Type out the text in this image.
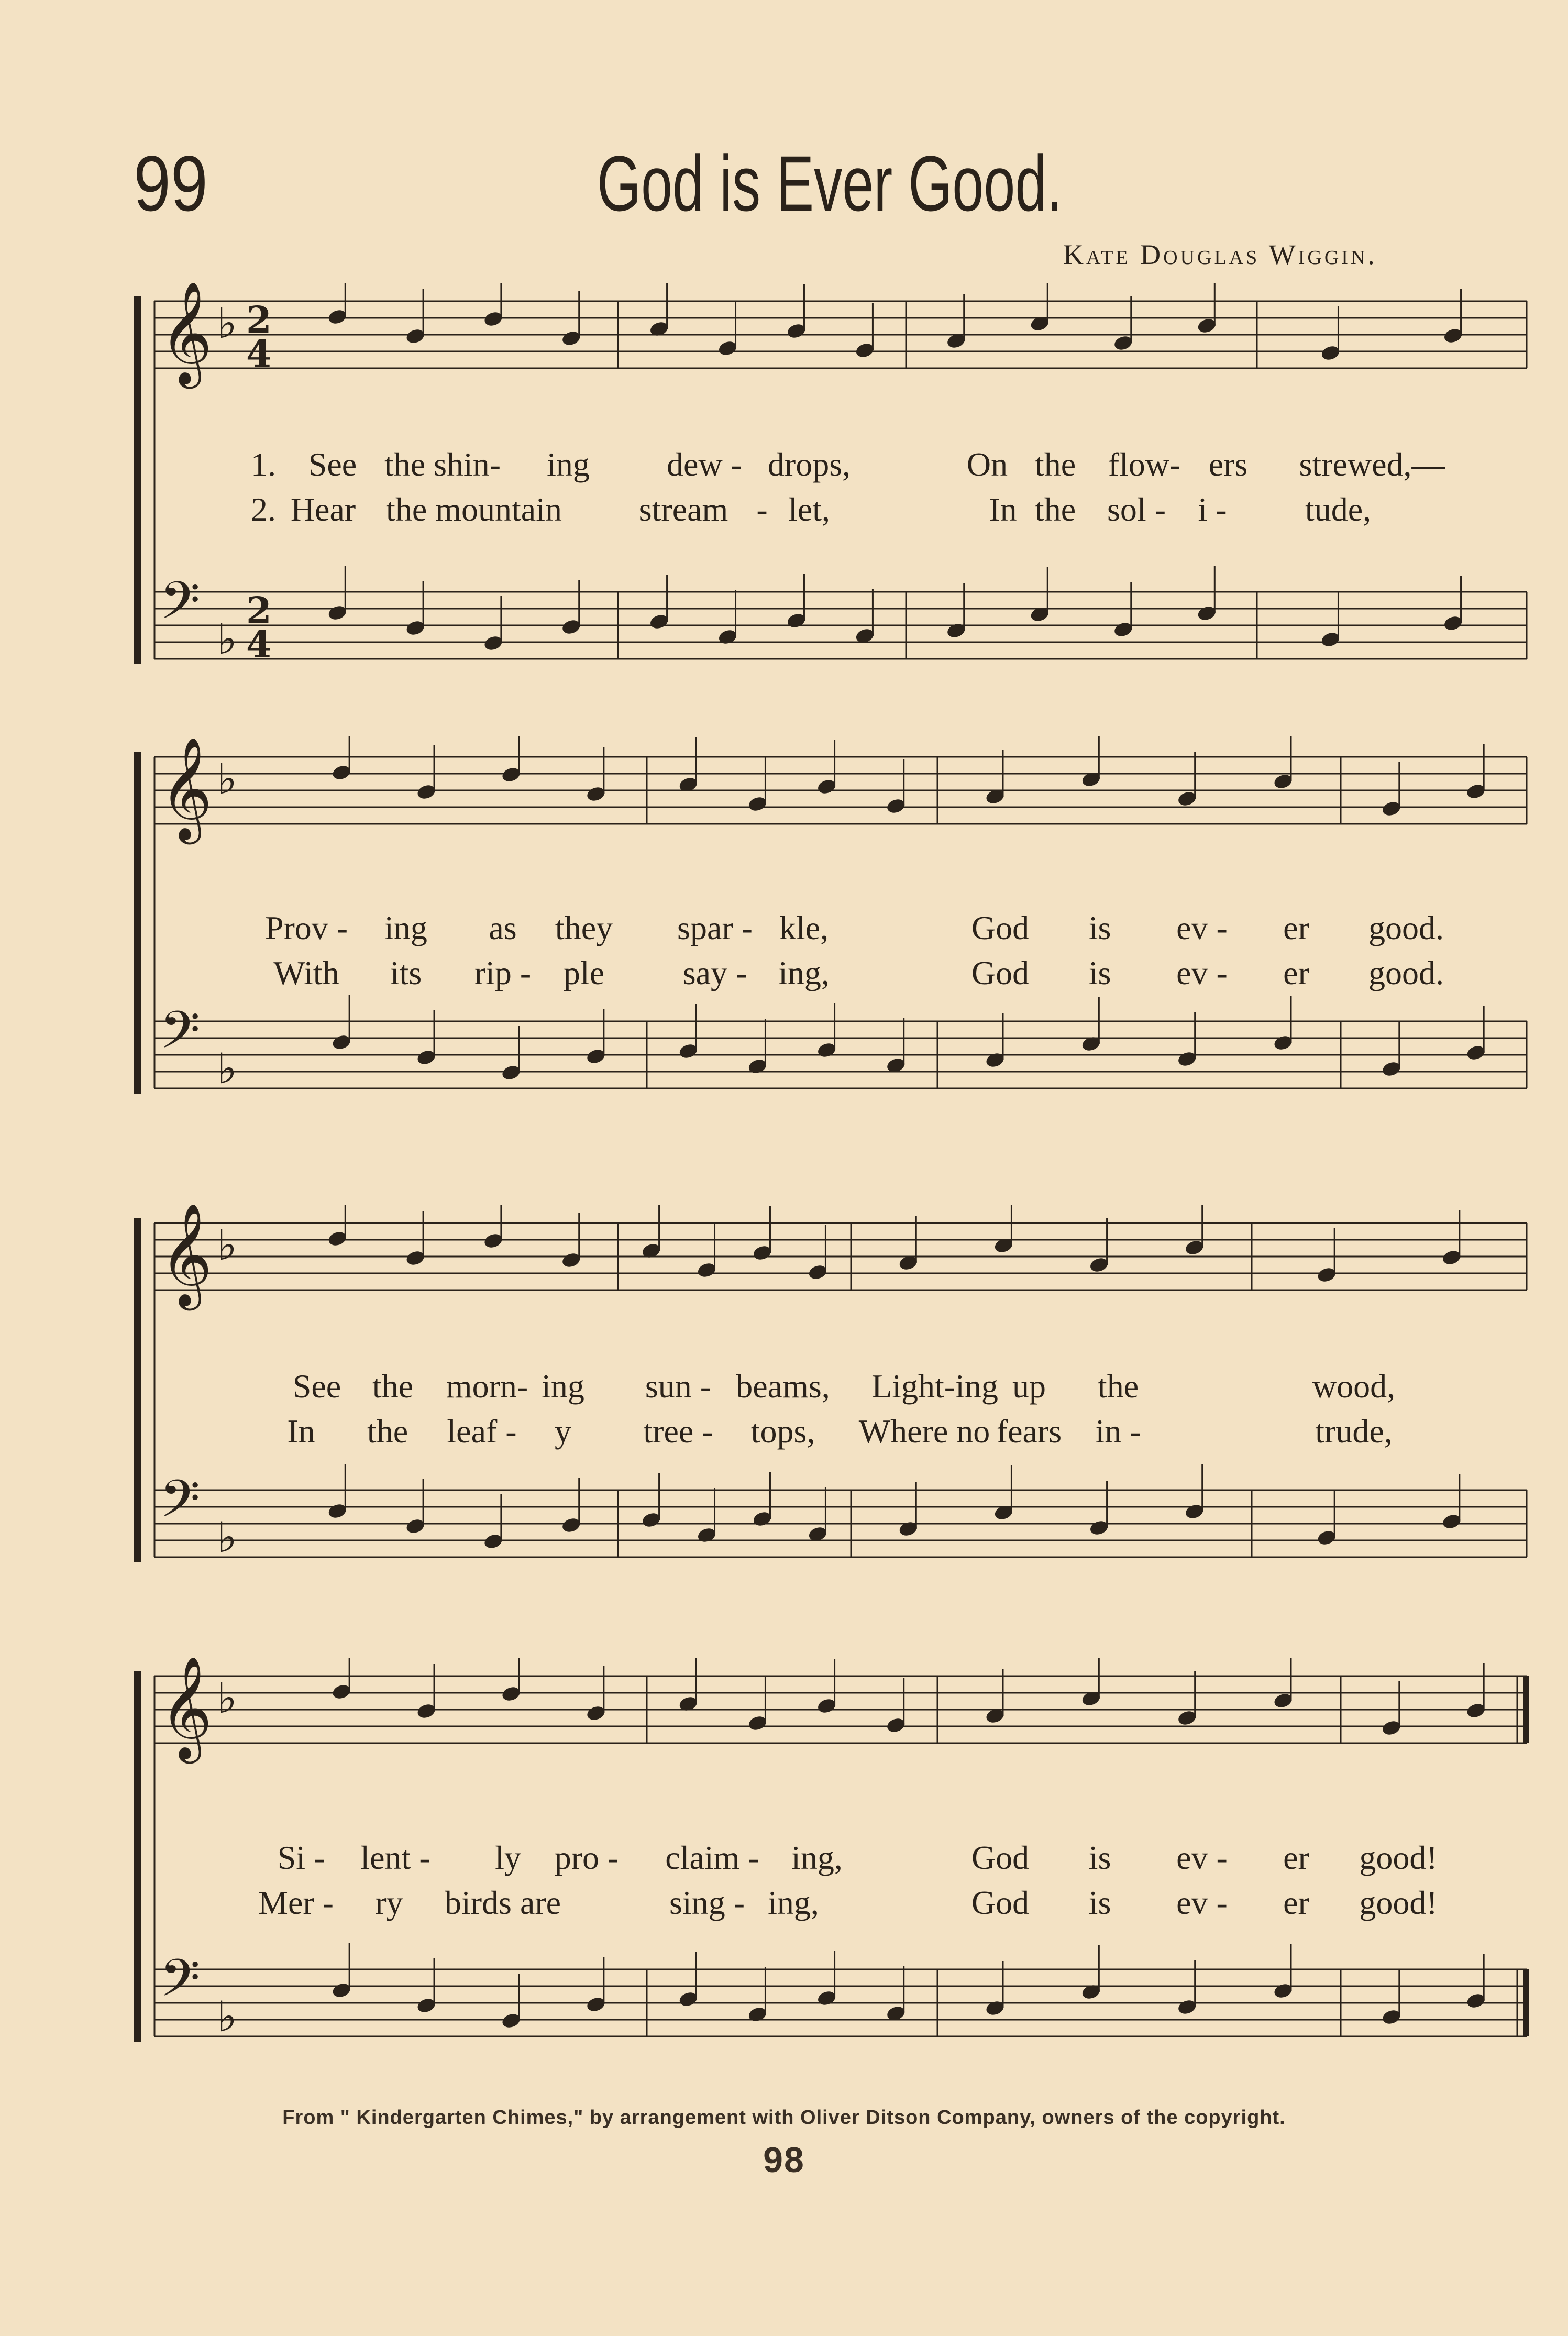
99	God is Ever Good.
Kate Douglas Wiggin.
𝄞 ♭ 2
4
𝄢 ♭
2
4
1. See the shin- ing dew - drops,	On the flow- ers strewed,—
2. Hear the mountain stream - let,	In the sol - i - tude,
𝄞 ♭
𝄢 ♭
Prov - ing as they spar - kle,	God is ev - er good.
With its rip - ple say - ing,	God is ev - er good.
𝄞 ♭
𝄢 ♭
See the morn- ing sun - beams, Light-ing up the	wood,
In the leaf - y tree - tops, Where no fears in -	trude,
𝄞 ♭
𝄢 ♭
Si - lent - ly pro - claim - ing,	God is ev - er good!
Mer - ry birds are	sing - ing,	God is ev - er good!
From " Kindergarten Chimes," by arrangement with Oliver Ditson Company, owners of the copyright.
98
